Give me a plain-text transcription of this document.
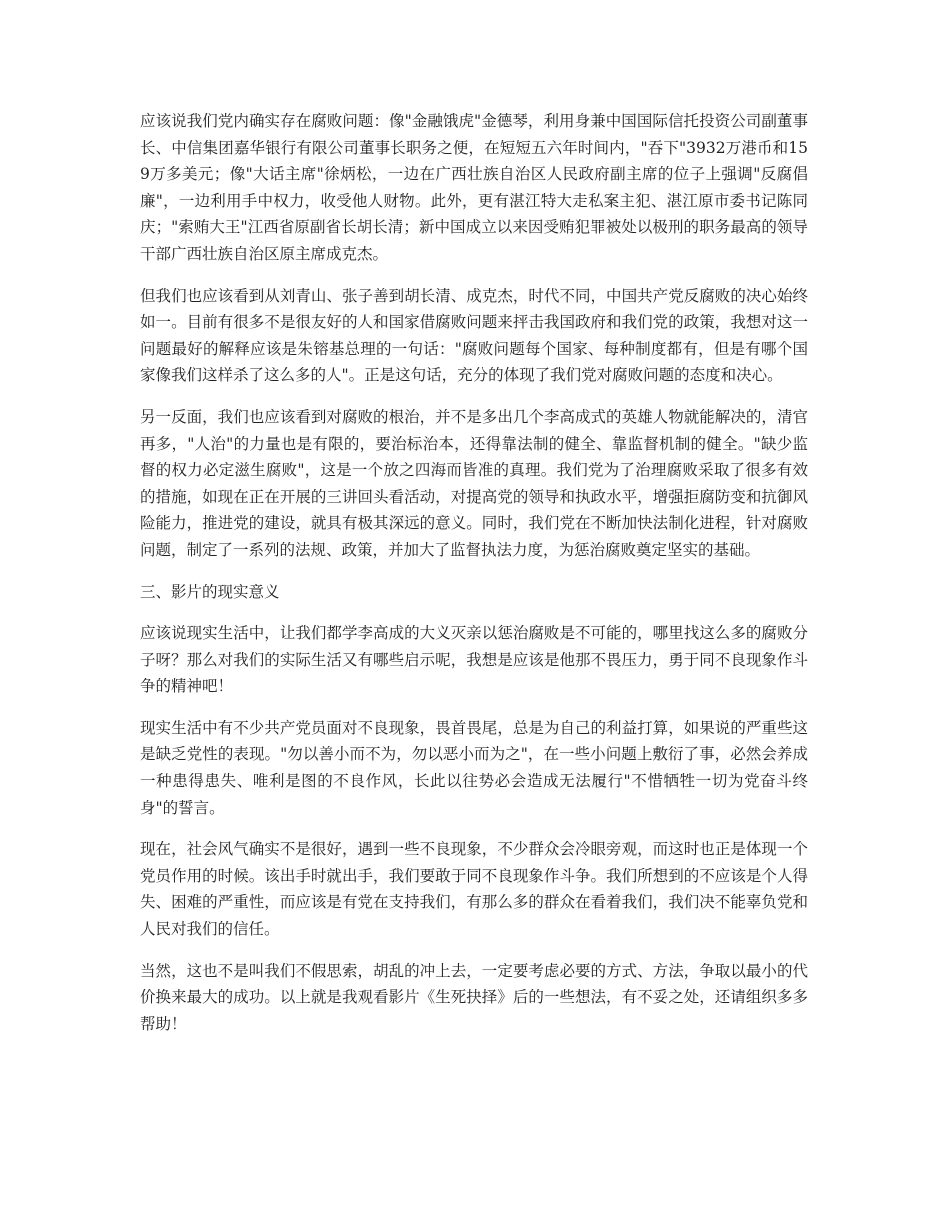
应该说我们党内确实存在腐败问题：像"金融饿虎"金德琴，利用身兼中国国际信托投资公司副董事长、中信集团嘉华银行有限公司董事长职务之便，在短短五六年时间内，"吞下"3932万港币和159万多美元；像"大话主席"徐炳松，一边在广西壮族自治区人民政府副主席的位子上强调"反腐倡廉"，一边利用手中权力，收受他人财物。此外，更有湛江特大走私案主犯、湛江原市委书记陈同庆；"索贿大王"江西省原副省长胡长清；新中国成立以来因受贿犯罪被处以极刑的职务最高的领导干部广西壮族自治区原主席成克杰。

但我们也应该看到从刘青山、张子善到胡长清、成克杰，时代不同，中国共产党反腐败的决心始终如一。目前有很多不是很友好的人和国家借腐败问题来抨击我国政府和我们党的政策，我想对这一问题最好的解释应该是朱镕基总理的一句话："腐败问题每个国家、每种制度都有，但是有哪个国家像我们这样杀了这么多的人"。正是这句话，充分的体现了我们党对腐败问题的态度和决心。

另一反面，我们也应该看到对腐败的根治，并不是多出几个李高成式的英雄人物就能解决的，清官再多，"人治"的力量也是有限的，要治标治本，还得靠法制的健全、靠监督机制的健全。"缺少监督的权力必定滋生腐败"，这是一个放之四海而皆准的真理。我们党为了治理腐败采取了很多有效的措施，如现在正在开展的三讲回头看活动，对提高党的领导和执政水平，增强拒腐防变和抗御风险能力，推进党的建设，就具有极其深远的意义。同时，我们党在不断加快法制化进程，针对腐败问题，制定了一系列的法规、政策，并加大了监督执法力度，为惩治腐败奠定坚实的基础。

三、影片的现实意义

应该说现实生活中，让我们都学李高成的大义灭亲以惩治腐败是不可能的，哪里找这么多的腐败分子呀？那么对我们的实际生活又有哪些启示呢，我想是应该是他那不畏压力，勇于同不良现象作斗争的精神吧！

现实生活中有不少共产党员面对不良现象，畏首畏尾，总是为自己的利益打算，如果说的严重些这是缺乏党性的表现。"勿以善小而不为，勿以恶小而为之"，在一些小问题上敷衍了事，必然会养成一种患得患失、唯利是图的不良作风，长此以往势必会造成无法履行"不惜牺牲一切为党奋斗终身"的誓言。

现在，社会风气确实不是很好，遇到一些不良现象，不少群众会冷眼旁观，而这时也正是体现一个党员作用的时候。该出手时就出手，我们要敢于同不良现象作斗争。我们所想到的不应该是个人得失、困难的严重性，而应该是有党在支持我们，有那么多的群众在看着我们，我们决不能辜负党和人民对我们的信任。

当然，这也不是叫我们不假思索，胡乱的冲上去，一定要考虑必要的方式、方法，争取以最小的代价换来最大的成功。以上就是我观看影片《生死抉择》后的一些想法，有不妥之处，还请组织多多帮助！
